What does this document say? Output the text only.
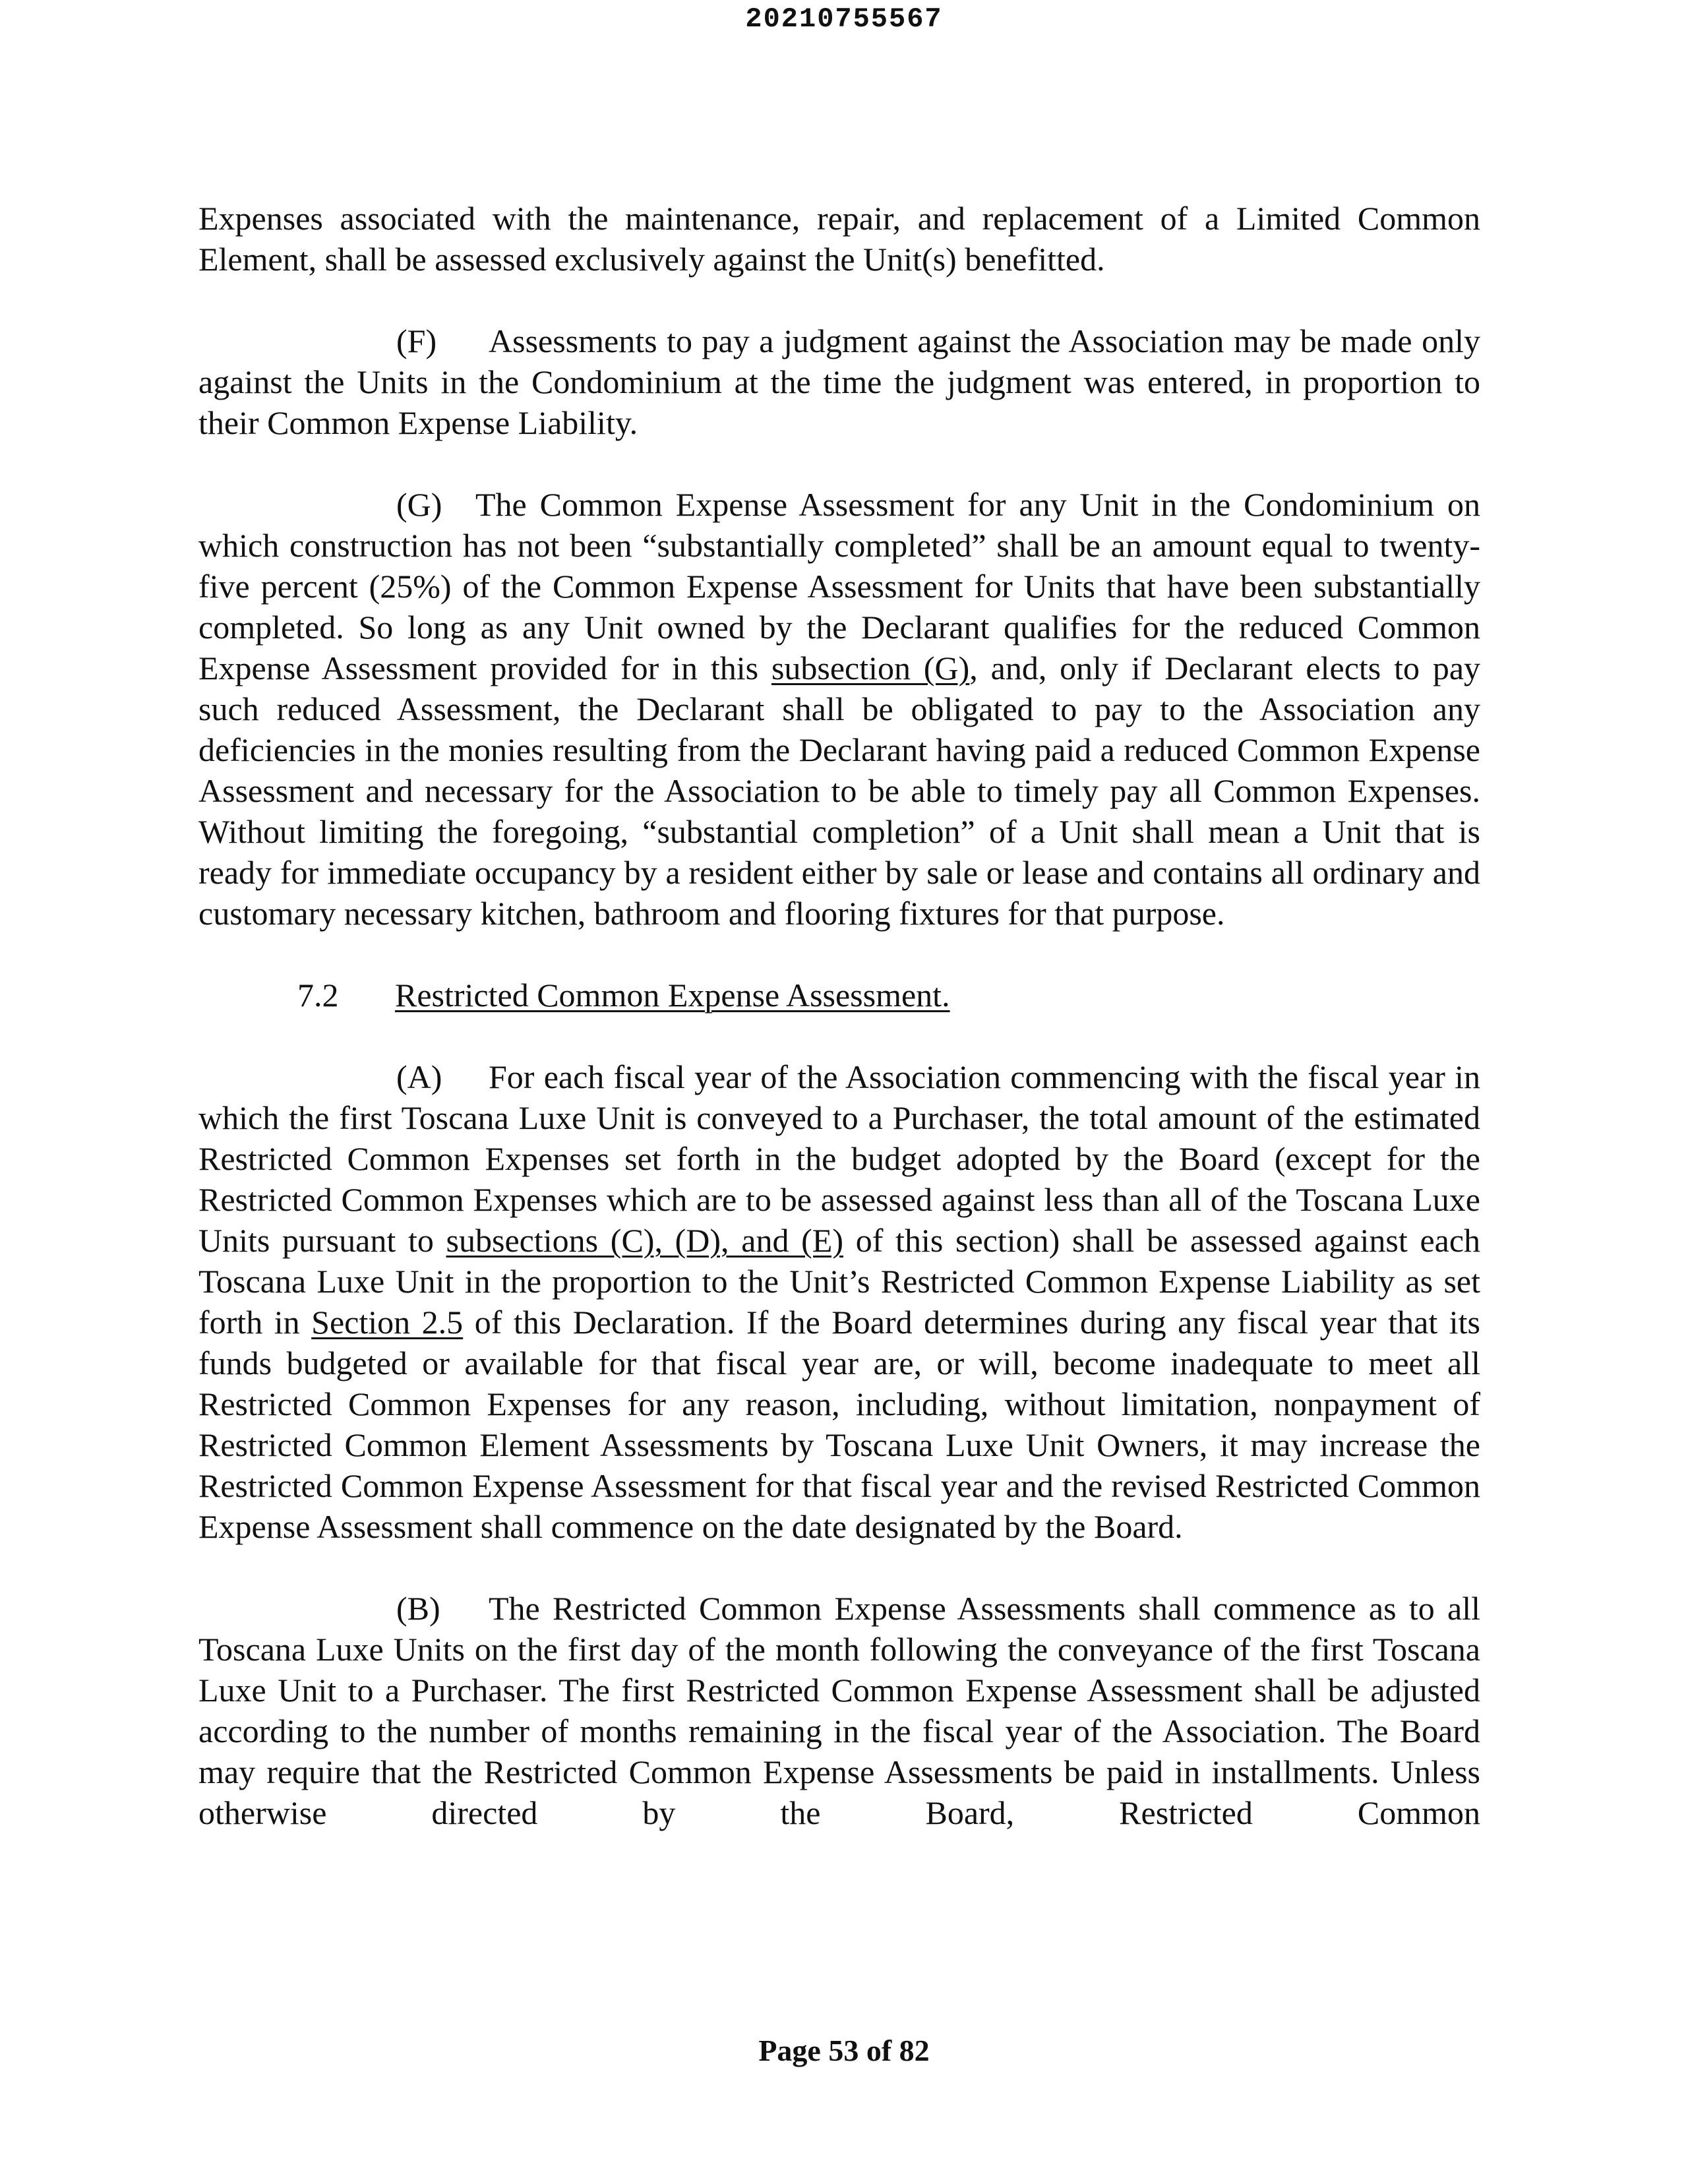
20210755567

Expenses associated with the maintenance, repair, and replacement of a Limited Common Element, shall be assessed exclusively against the Unit(s) benefitted.

(F) Assessments to pay a judgment against the Association may be made only against the Units in the Condominium at the time the judgment was entered, in proportion to their Common Expense Liability.

(G) The Common Expense Assessment for any Unit in the Condominium on which construction has not been “substantially completed” shall be an amount equal to twenty-five percent (25%) of the Common Expense Assessment for Units that have been substantially completed. So long as any Unit owned by the Declarant qualifies for the reduced Common Expense Assessment provided for in this subsection (G), and, only if Declarant elects to pay such reduced Assessment, the Declarant shall be obligated to pay to the Association any deficiencies in the monies resulting from the Declarant having paid a reduced Common Expense Assessment and necessary for the Association to be able to timely pay all Common Expenses. Without limiting the foregoing, “substantial completion” of a Unit shall mean a Unit that is ready for immediate occupancy by a resident either by sale or lease and contains all ordinary and customary necessary kitchen, bathroom and flooring fixtures for that purpose.

7.2 Restricted Common Expense Assessment.

(A) For each fiscal year of the Association commencing with the fiscal year in which the first Toscana Luxe Unit is conveyed to a Purchaser, the total amount of the estimated Restricted Common Expenses set forth in the budget adopted by the Board (except for the Restricted Common Expenses which are to be assessed against less than all of the Toscana Luxe Units pursuant to subsections (C), (D), and (E) of this section) shall be assessed against each Toscana Luxe Unit in the proportion to the Unit’s Restricted Common Expense Liability as set forth in Section 2.5 of this Declaration. If the Board determines during any fiscal year that its funds budgeted or available for that fiscal year are, or will, become inadequate to meet all Restricted Common Expenses for any reason, including, without limitation, nonpayment of Restricted Common Element Assessments by Toscana Luxe Unit Owners, it may increase the Restricted Common Expense Assessment for that fiscal year and the revised Restricted Common Expense Assessment shall commence on the date designated by the Board.

(B) The Restricted Common Expense Assessments shall commence as to all Toscana Luxe Units on the first day of the month following the conveyance of the first Toscana Luxe Unit to a Purchaser. The first Restricted Common Expense Assessment shall be adjusted according to the number of months remaining in the fiscal year of the Association. The Board may require that the Restricted Common Expense Assessments be paid in installments. Unless otherwise directed by the Board, Restricted Common

Page 53 of 82
